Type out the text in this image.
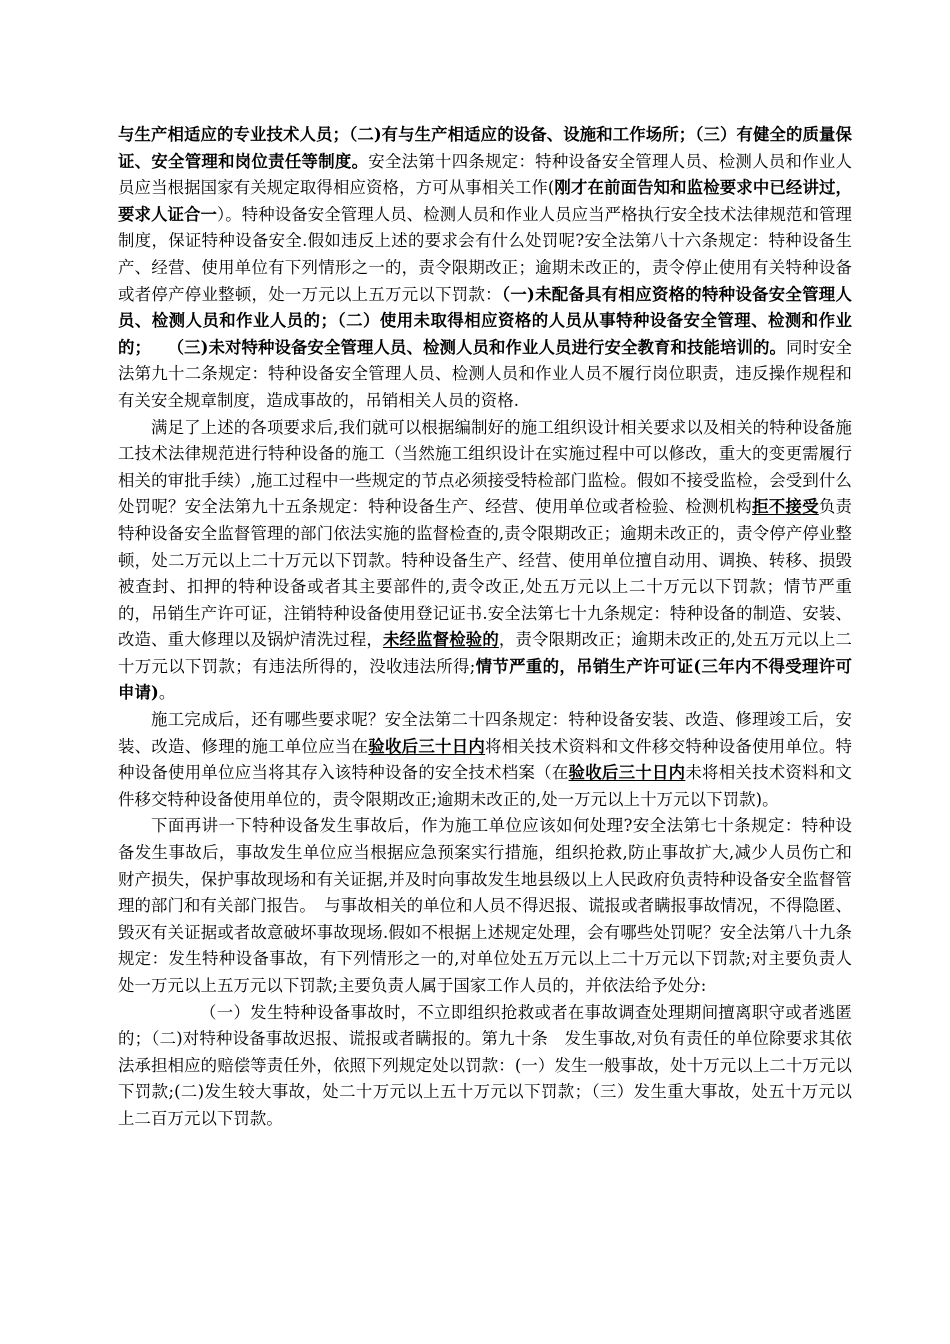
与生产相适应的专业技术人员；（二)有与生产相适应的设备、设施和工作场所；（三）有健全的质量保证、安全管理和岗位责任等制度。安全法第十四条规定：特种设备安全管理人员、检测人员和作业人员应当根据国家有关规定取得相应资格，方可从事相关工作(刚才在前面告知和监检要求中已经讲过，要求人证合一）。特种设备安全管理人员、检测人员和作业人员应当严格执行安全技术法律规范和管理制度，保证特种设备安全.假如违反上述的要求会有什么处罚呢?安全法第八十六条规定：特种设备生产、经营、使用单位有下列情形之一的，责令限期改正；逾期未改正的，责令停止使用有关特种设备或者停产停业整顿，处一万元以上五万元以下罚款：（一)未配备具有相应资格的特种设备安全管理人员、检测人员和作业人员的；（二）使用未取得相应资格的人员从事特种设备安全管理、检测和作业的；　　（三)未对特种设备安全管理人员、检测人员和作业人员进行安全教育和技能培训的。同时安全法第九十二条规定：特种设备安全管理人员、检测人员和作业人员不履行岗位职责，违反操作规程和有关安全规章制度，造成事故的，吊销相关人员的资格.

满足了上述的各项要求后,我们就可以根据编制好的施工组织设计相关要求以及相关的特种设备施工技术法律规范进行特种设备的施工（当然施工组织设计在实施过程中可以修改，重大的变更需履行相关的审批手续）,施工过程中一些规定的节点必须接受特检部门监检。假如不接受监检，会受到什么处罚呢？安全法第九十五条规定：特种设备生产、经营、使用单位或者检验、检测机构拒不接受负责特种设备安全监督管理的部门依法实施的监督检查的,责令限期改正；逾期未改正的，责令停产停业整顿，处二万元以上二十万元以下罚款。特种设备生产、经营、使用单位擅自动用、调换、转移、损毁被查封、扣押的特种设备或者其主要部件的,责令改正,处五万元以上二十万元以下罚款；情节严重的，吊销生产许可证，注销特种设备使用登记证书.安全法第七十九条规定：特种设备的制造、安装、改造、重大修理以及锅炉清洗过程，未经监督检验的，责令限期改正；逾期未改正的,处五万元以上二十万元以下罚款；有违法所得的，没收违法所得;情节严重的，吊销生产许可证(三年内不得受理许可申请)。

施工完成后，还有哪些要求呢？安全法第二十四条规定：特种设备安装、改造、修理竣工后，安装、改造、修理的施工单位应当在验收后三十日内将相关技术资料和文件移交特种设备使用单位。特种设备使用单位应当将其存入该特种设备的安全技术档案（在验收后三十日内未将相关技术资料和文件移交特种设备使用单位的，责令限期改正;逾期未改正的,处一万元以上十万元以下罚款)。

下面再讲一下特种设备发生事故后，作为施工单位应该如何处理?安全法第七十条规定：特种设备发生事故后，事故发生单位应当根据应急预案实行措施，组织抢救,防止事故扩大,减少人员伤亡和财产损失，保护事故现场和有关证据,并及时向事故发生地县级以上人民政府负责特种设备安全监督管理的部门和有关部门报告。　与事故相关的单位和人员不得迟报、谎报或者瞒报事故情况，不得隐匿、毁灭有关证据或者故意破坏事故现场.假如不根据上述规定处理，会有哪些处罚呢？安全法第八十九条规定：发生特种设备事故，有下列情形之一的,对单位处五万元以上二十万元以下罚款;对主要负责人处一万元以上五万元以下罚款;主要负责人属于国家工作人员的，并依法给予处分:

（一）发生特种设备事故时，不立即组织抢救或者在事故调查处理期间擅离职守或者逃匿的；（二)对特种设备事故迟报、谎报或者瞒报的。第九十条　发生事故,对负有责任的单位除要求其依法承担相应的赔偿等责任外，依照下列规定处以罚款：(一）发生一般事故，处十万元以上二十万元以下罚款;(二)发生较大事故，处二十万元以上五十万元以下罚款；（三）发生重大事故，处五十万元以上二百万元以下罚款。
